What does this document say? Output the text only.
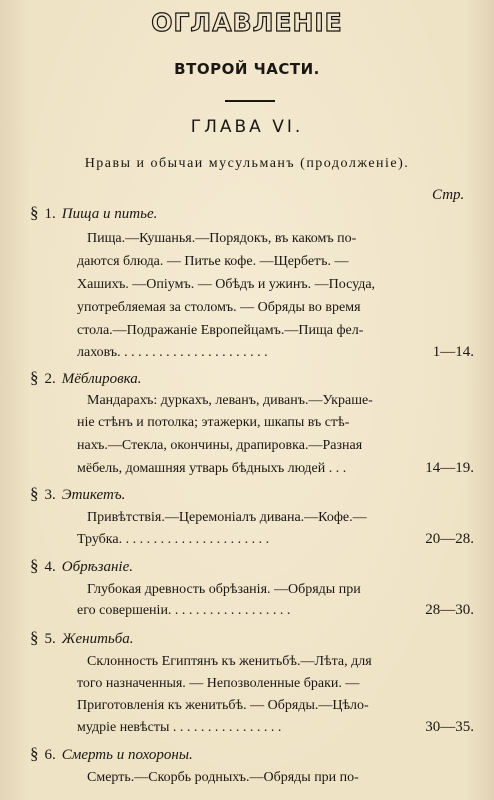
ОГЛАВЛЕНІЕ
ВТОРОЙ ЧАСТИ.
ГЛАВА VI.
Нравы и обычаи мусульманъ (продолженіе).
Стр.
§ 1. Пища и питье.
Пища.—Кушанья.—Порядокъ, въ какомъ по-
даются блюда. — Питье кофе. —Щербетъ. —
Хашихъ. —Опіумъ. — Обѣдъ и ужинъ. —Посуда,
употребляемая за столомъ. — Обряды во время
столa.—Подражаніе Европейцамъ.—Пища фел-
лаховъ. . . . . . . . . . . . . . . . . . . . . .	1—14.
§ 2. Мёблировка.
Мандарахъ: дуркахъ, леванъ, диванъ.—Украше-
ніе стѣнъ и потолка; этажерки, шкапы въ стѣ-
нахъ.—Стекла, окончины, драпировка.—Разная
мёбель, домашняя утварь бѣдныхъ людей . . .	14—19.
§ 3. Этикетъ.
Привѣтствія.—Церемоніалъ дивана.—Кофе.—
Трубка. . . . . . . . . . . . . . . . . . . . . .	20—28.
§ 4. Обрѣзаніе.
Глубокая древность обрѣзанія. —Обряды при
его совершеніи. . . . . . . . . . . . . . . . . .	28—30.
§ 5. Женитьба.
Склонность Египтянъ къ женитьбѣ.—Лѣта, для
того назначенныя. — Непозволенные браки. —
Приготовленія къ женитьбѣ. — Обряды.—Цѣло-
мудріе невѣсты . . . . . . . . . . . . . . . .	30—35.
§ 6. Смерть и похороны.
Смерть.—Скорбь родныхъ.—Обряды при по-
